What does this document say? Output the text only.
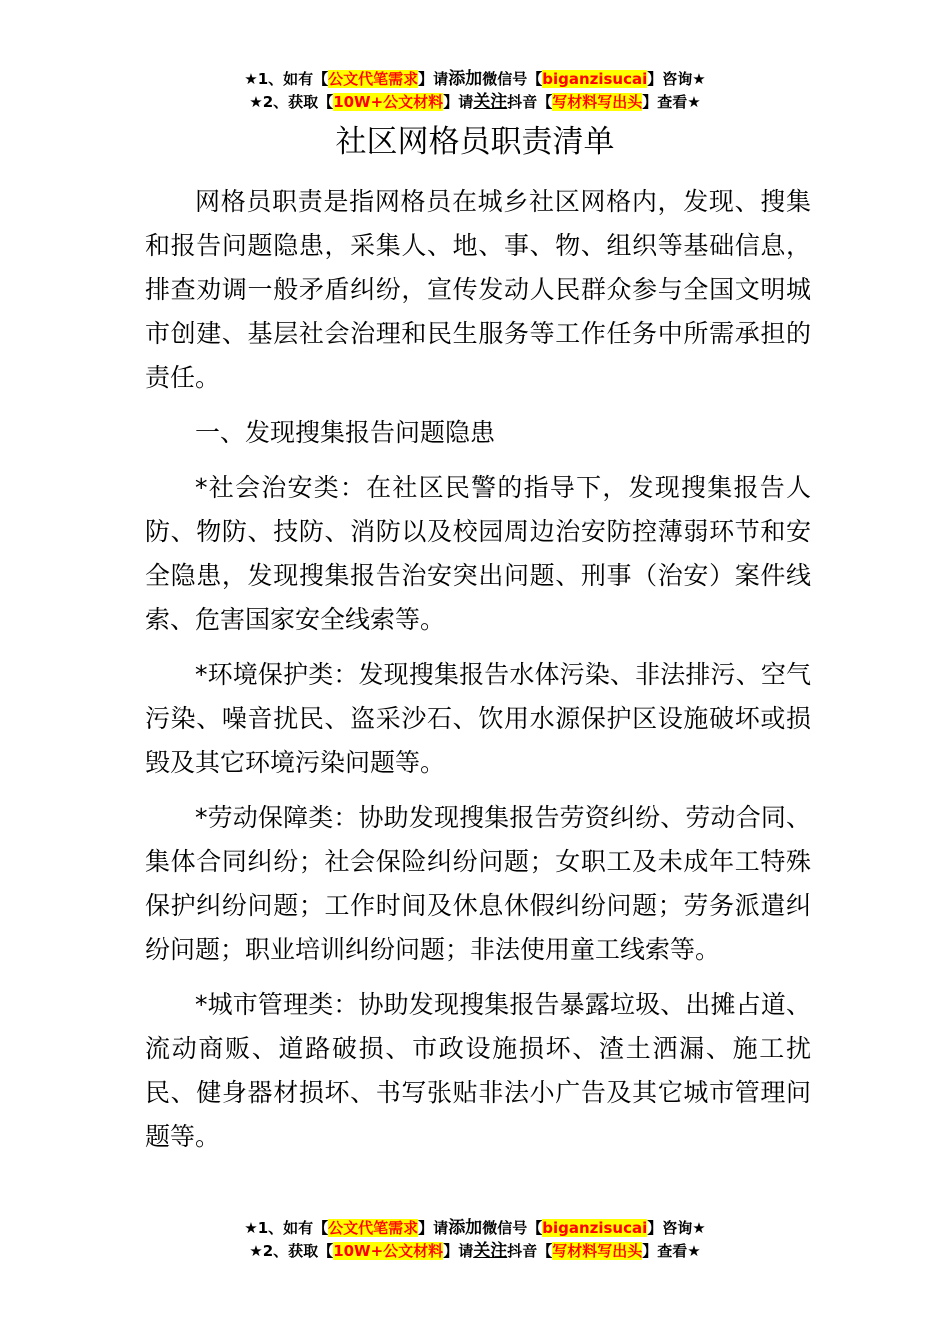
★1、如有【公文代笔需求】请添加微信号【biganzisucai】咨询★
★2、获取【10W+公文材料】请关注抖音【写材料写出头】查看★
社区网格员职责清单

网格员职责是指网格员在城乡社区网格内，发现、搜集和报告问题隐患，采集人、地、事、物、组织等基础信息，排查劝调一般矛盾纠纷，宣传发动人民群众参与全国文明城市创建、基层社会治理和民生服务等工作任务中所需承担的责任。

一、发现搜集报告问题隐患

*社会治安类：在社区民警的指导下，发现搜集报告人防、物防、技防、消防以及校园周边治安防控薄弱环节和安全隐患，发现搜集报告治安突出问题、刑事（治安）案件线索、危害国家安全线索等。

*环境保护类：发现搜集报告水体污染、非法排污、空气污染、噪音扰民、盗采沙石、饮用水源保护区设施破坏或损毁及其它环境污染问题等。

*劳动保障类：协助发现搜集报告劳资纠纷、劳动合同、集体合同纠纷；社会保险纠纷问题；女职工及未成年工特殊保护纠纷问题；工作时间及休息休假纠纷问题；劳务派遣纠纷问题；职业培训纠纷问题；非法使用童工线索等。

*城市管理类：协助发现搜集报告暴露垃圾、出摊占道、流动商贩、道路破损、市政设施损坏、渣土洒漏、施工扰民、健身器材损坏、书写张贴非法小广告及其它城市管理问题等。

★1、如有【公文代笔需求】请添加微信号【biganzisucai】咨询★
★2、获取【10W+公文材料】请关注抖音【写材料写出头】查看★
